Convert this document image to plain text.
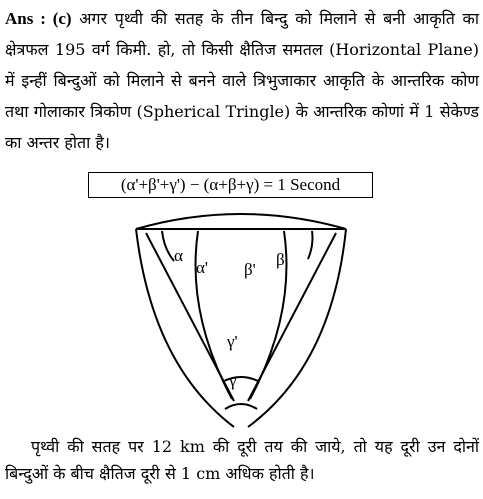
Ans : (c) अगर पृथ्वी की सतह के तीन बिन्दु को मिलाने से बनी आकृति का क्षेत्रफल 195 वर्ग किमी. हो, तो किसी क्षैतिज समतल (Horizontal Plane) में इन्हीं बिन्दुओं को मिलाने से बनने वाले त्रिभुजाकार आकृति के आन्तरिक कोण तथा गोलाकार त्रिकोण (Spherical Tringle) के आन्तरिक कोणां में 1 सेकेण्ड का अन्तर होता है।
(α'+β'+γ') − (α+β+γ) = 1 Second
α
α' β'
β
γ'
γ
पृथ्वी की सतह पर 12 km की दूरी तय की जाये, तो यह दूरी उन दोनों बिन्दुओं के बीच क्षैतिज दूरी से 1 cm अधिक होती है।
